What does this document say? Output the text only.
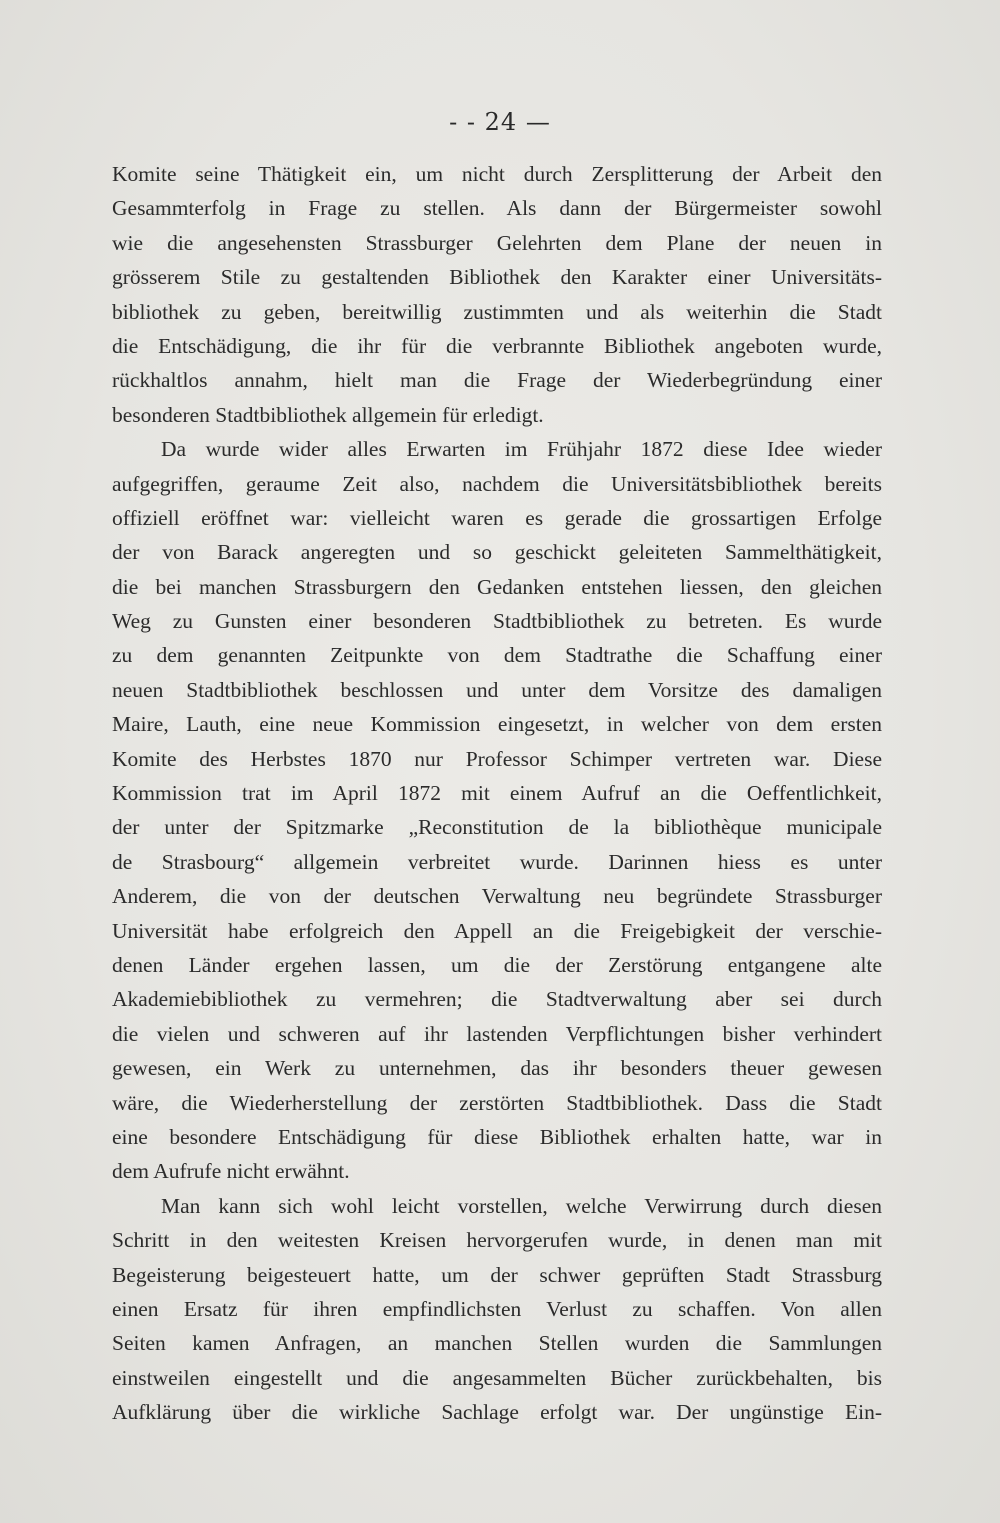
- - 24 —
Komite seine Thätigkeit ein, um nicht durch Zersplitterung der Arbeit den
Gesammterfolg in Frage zu stellen. Als dann der Bürgermeister sowohl
wie die angesehensten Strassburger Gelehrten dem Plane der neuen in
grösserem Stile zu gestaltenden Bibliothek den Karakter einer Universitäts-
bibliothek zu geben, bereitwillig zustimmten und als weiterhin die Stadt
die Entschädigung, die ihr für die verbrannte Bibliothek angeboten wurde,
rückhaltlos annahm, hielt man die Frage der Wiederbegründung einer
besonderen Stadtbibliothek allgemein für erledigt.
Da wurde wider alles Erwarten im Frühjahr 1872 diese Idee wieder
aufgegriffen, geraume Zeit also, nachdem die Universitätsbibliothek bereits
offiziell eröffnet war: vielleicht waren es gerade die grossartigen Erfolge
der von Barack angeregten und so geschickt geleiteten Sammelthätigkeit,
die bei manchen Strassburgern den Gedanken entstehen liessen, den gleichen
Weg zu Gunsten einer besonderen Stadtbibliothek zu betreten. Es wurde
zu dem genannten Zeitpunkte von dem Stadtrathe die Schaffung einer
neuen Stadtbibliothek beschlossen und unter dem Vorsitze des damaligen
Maire, Lauth, eine neue Kommission eingesetzt, in welcher von dem ersten
Komite des Herbstes 1870 nur Professor Schimper vertreten war. Diese
Kommission trat im April 1872 mit einem Aufruf an die Oeffentlichkeit,
der unter der Spitzmarke „Reconstitution de la bibliothèque municipale
de Strasbourg“ allgemein verbreitet wurde. Darinnen hiess es unter
Anderem, die von der deutschen Verwaltung neu begründete Strassburger
Universität habe erfolgreich den Appell an die Freigebigkeit der verschie-
denen Länder ergehen lassen, um die der Zerstörung entgangene alte
Akademiebibliothek zu vermehren; die Stadtverwaltung aber sei durch
die vielen und schweren auf ihr lastenden Verpflichtungen bisher verhindert
gewesen, ein Werk zu unternehmen, das ihr besonders theuer gewesen
wäre, die Wiederherstellung der zerstörten Stadtbibliothek. Dass die Stadt
eine besondere Entschädigung für diese Bibliothek erhalten hatte, war in
dem Aufrufe nicht erwähnt.
Man kann sich wohl leicht vorstellen, welche Verwirrung durch diesen
Schritt in den weitesten Kreisen hervorgerufen wurde, in denen man mit
Begeisterung beigesteuert hatte, um der schwer geprüften Stadt Strassburg
einen Ersatz für ihren empfindlichsten Verlust zu schaffen. Von allen
Seiten kamen Anfragen, an manchen Stellen wurden die Sammlungen
einstweilen eingestellt und die angesammelten Bücher zurückbehalten, bis
Aufklärung über die wirkliche Sachlage erfolgt war. Der ungünstige Ein-
